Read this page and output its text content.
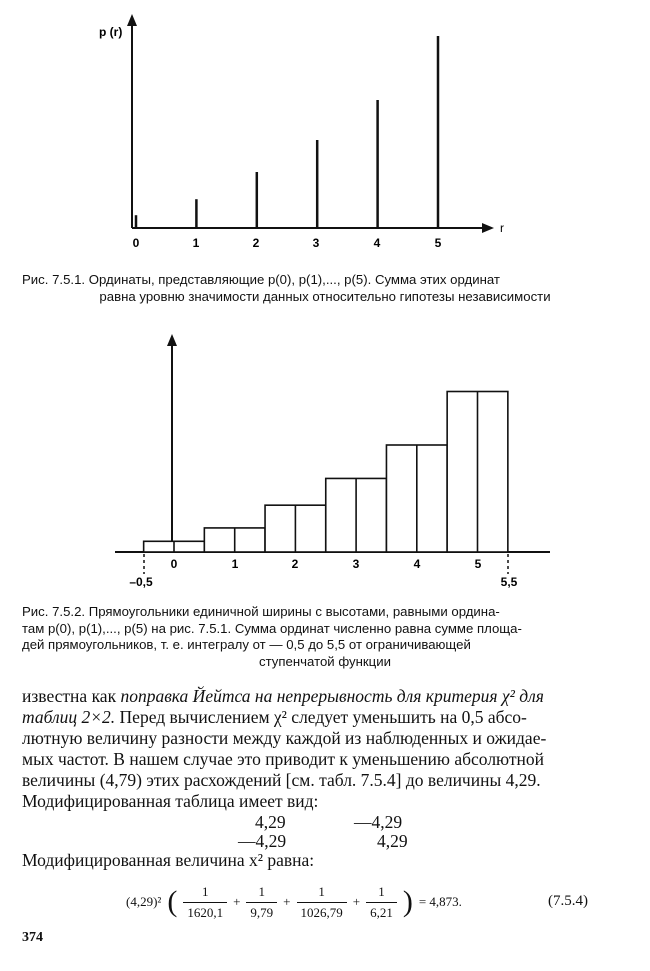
p (r)
r
0	1	2	3	4	5
Рис. 7.5.1. Ординаты, представляющие p(0), p(1),..., p(5). Сумма этих ординат
равна уровню значимости данных относительно гипотезы независимости
0	1	2	3	4	5
–0,5	5,5
Рис. 7.5.2. Прямоугольники единичной ширины с высотами, равными ордина-
там p(0), p(1),..., p(5) на рис. 7.5.1. Сумма ординат численно равна сумме площа-
дей прямоугольников, т. е. интегралу от — 0,5 до 5,5 от ограничивающей
ступенчатой функции
известна как поправка Йейтса на непрерывность для критерия χ² для
таблиц 2×2. Перед вычислением χ² следует уменьшить на 0,5 абсо-
лютную величину разности между каждой из наблюденных и ожидае-
мых частот. В нашем случае это приводит к уменьшению абсолютной
величины (4,79) этих расхождений [см. табл. 7.5.4] до величины 4,29.
Модифицированная таблица имеет вид:
4,29	—4,29
—4,29	4,29
Модифицированная величина x² равна:
(4,29)² ( $\frac{1}{1620,1} + \frac{1}{9,79} + \frac{1}{1026,79} + \frac{1}{6,21}$ ) = 4,873.	(7.5.4)
374
